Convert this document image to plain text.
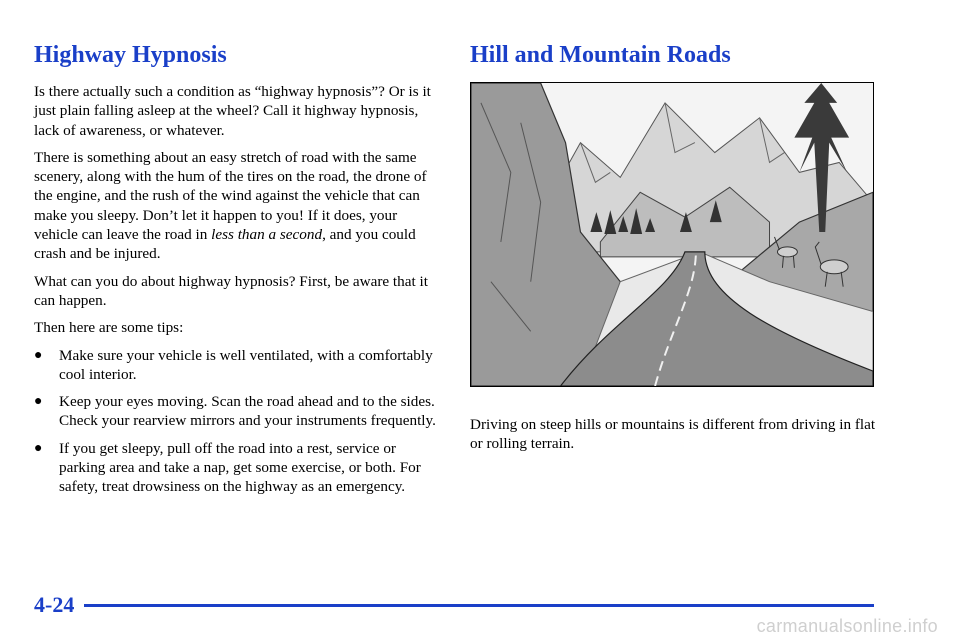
Highway Hypnosis

Is there actually such a condition as “highway hypnosis”? Or is it just plain falling asleep at the wheel? Call it highway hypnosis, lack of awareness, or whatever.

There is something about an easy stretch of road with the same scenery, along with the hum of the tires on the road, the drone of the engine, and the rush of the wind against the vehicle that can make you sleepy. Don’t let it happen to you! If it does, your vehicle can leave the road in less than a second, and you could crash and be injured.

What can you do about highway hypnosis? First, be aware that it can happen.

Then here are some tips:

● Make sure your vehicle is well ventilated, with a comfortably cool interior.
● Keep your eyes moving. Scan the road ahead and to the sides. Check your rearview mirrors and your instruments frequently.
● If you get sleepy, pull off the road into a rest, service or parking area and take a nap, get some exercise, or both. For safety, treat drowsiness on the highway as an emergency.
Hill and Mountain Roads

Driving on steep hills or mountains is different from driving in flat or rolling terrain.

4-24
carmanualsonline.info
